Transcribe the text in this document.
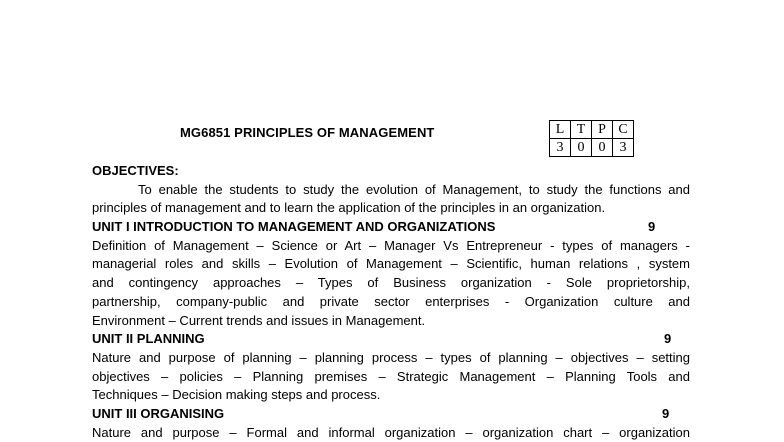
MG6851 PRINCIPLES OF MANAGEMENT	L	T	P	C
3	0	0	3
OBJECTIVES:
To enable the students to study the evolution of Management, to study the functions and
principles of management and to learn the application of the principles in an organization.
UNIT I INTRODUCTION TO MANAGEMENT AND ORGANIZATIONS	9
Definition of Management – Science or Art – Manager Vs Entrepreneur - types of managers -
managerial roles and skills – Evolution of Management – Scientific, human relations , system
and contingency approaches – Types of Business organization - Sole proprietorship,
partnership, company-public and private sector enterprises - Organization culture and
Environment – Current trends and issues in Management.
UNIT II PLANNING	9
Nature and purpose of planning – planning process – types of planning – objectives – setting
objectives – policies – Planning premises – Strategic Management – Planning Tools and
Techniques – Decision making steps and process.
UNIT III ORGANISING	9
Nature and purpose – Formal and informal organization – organization chart – organization
